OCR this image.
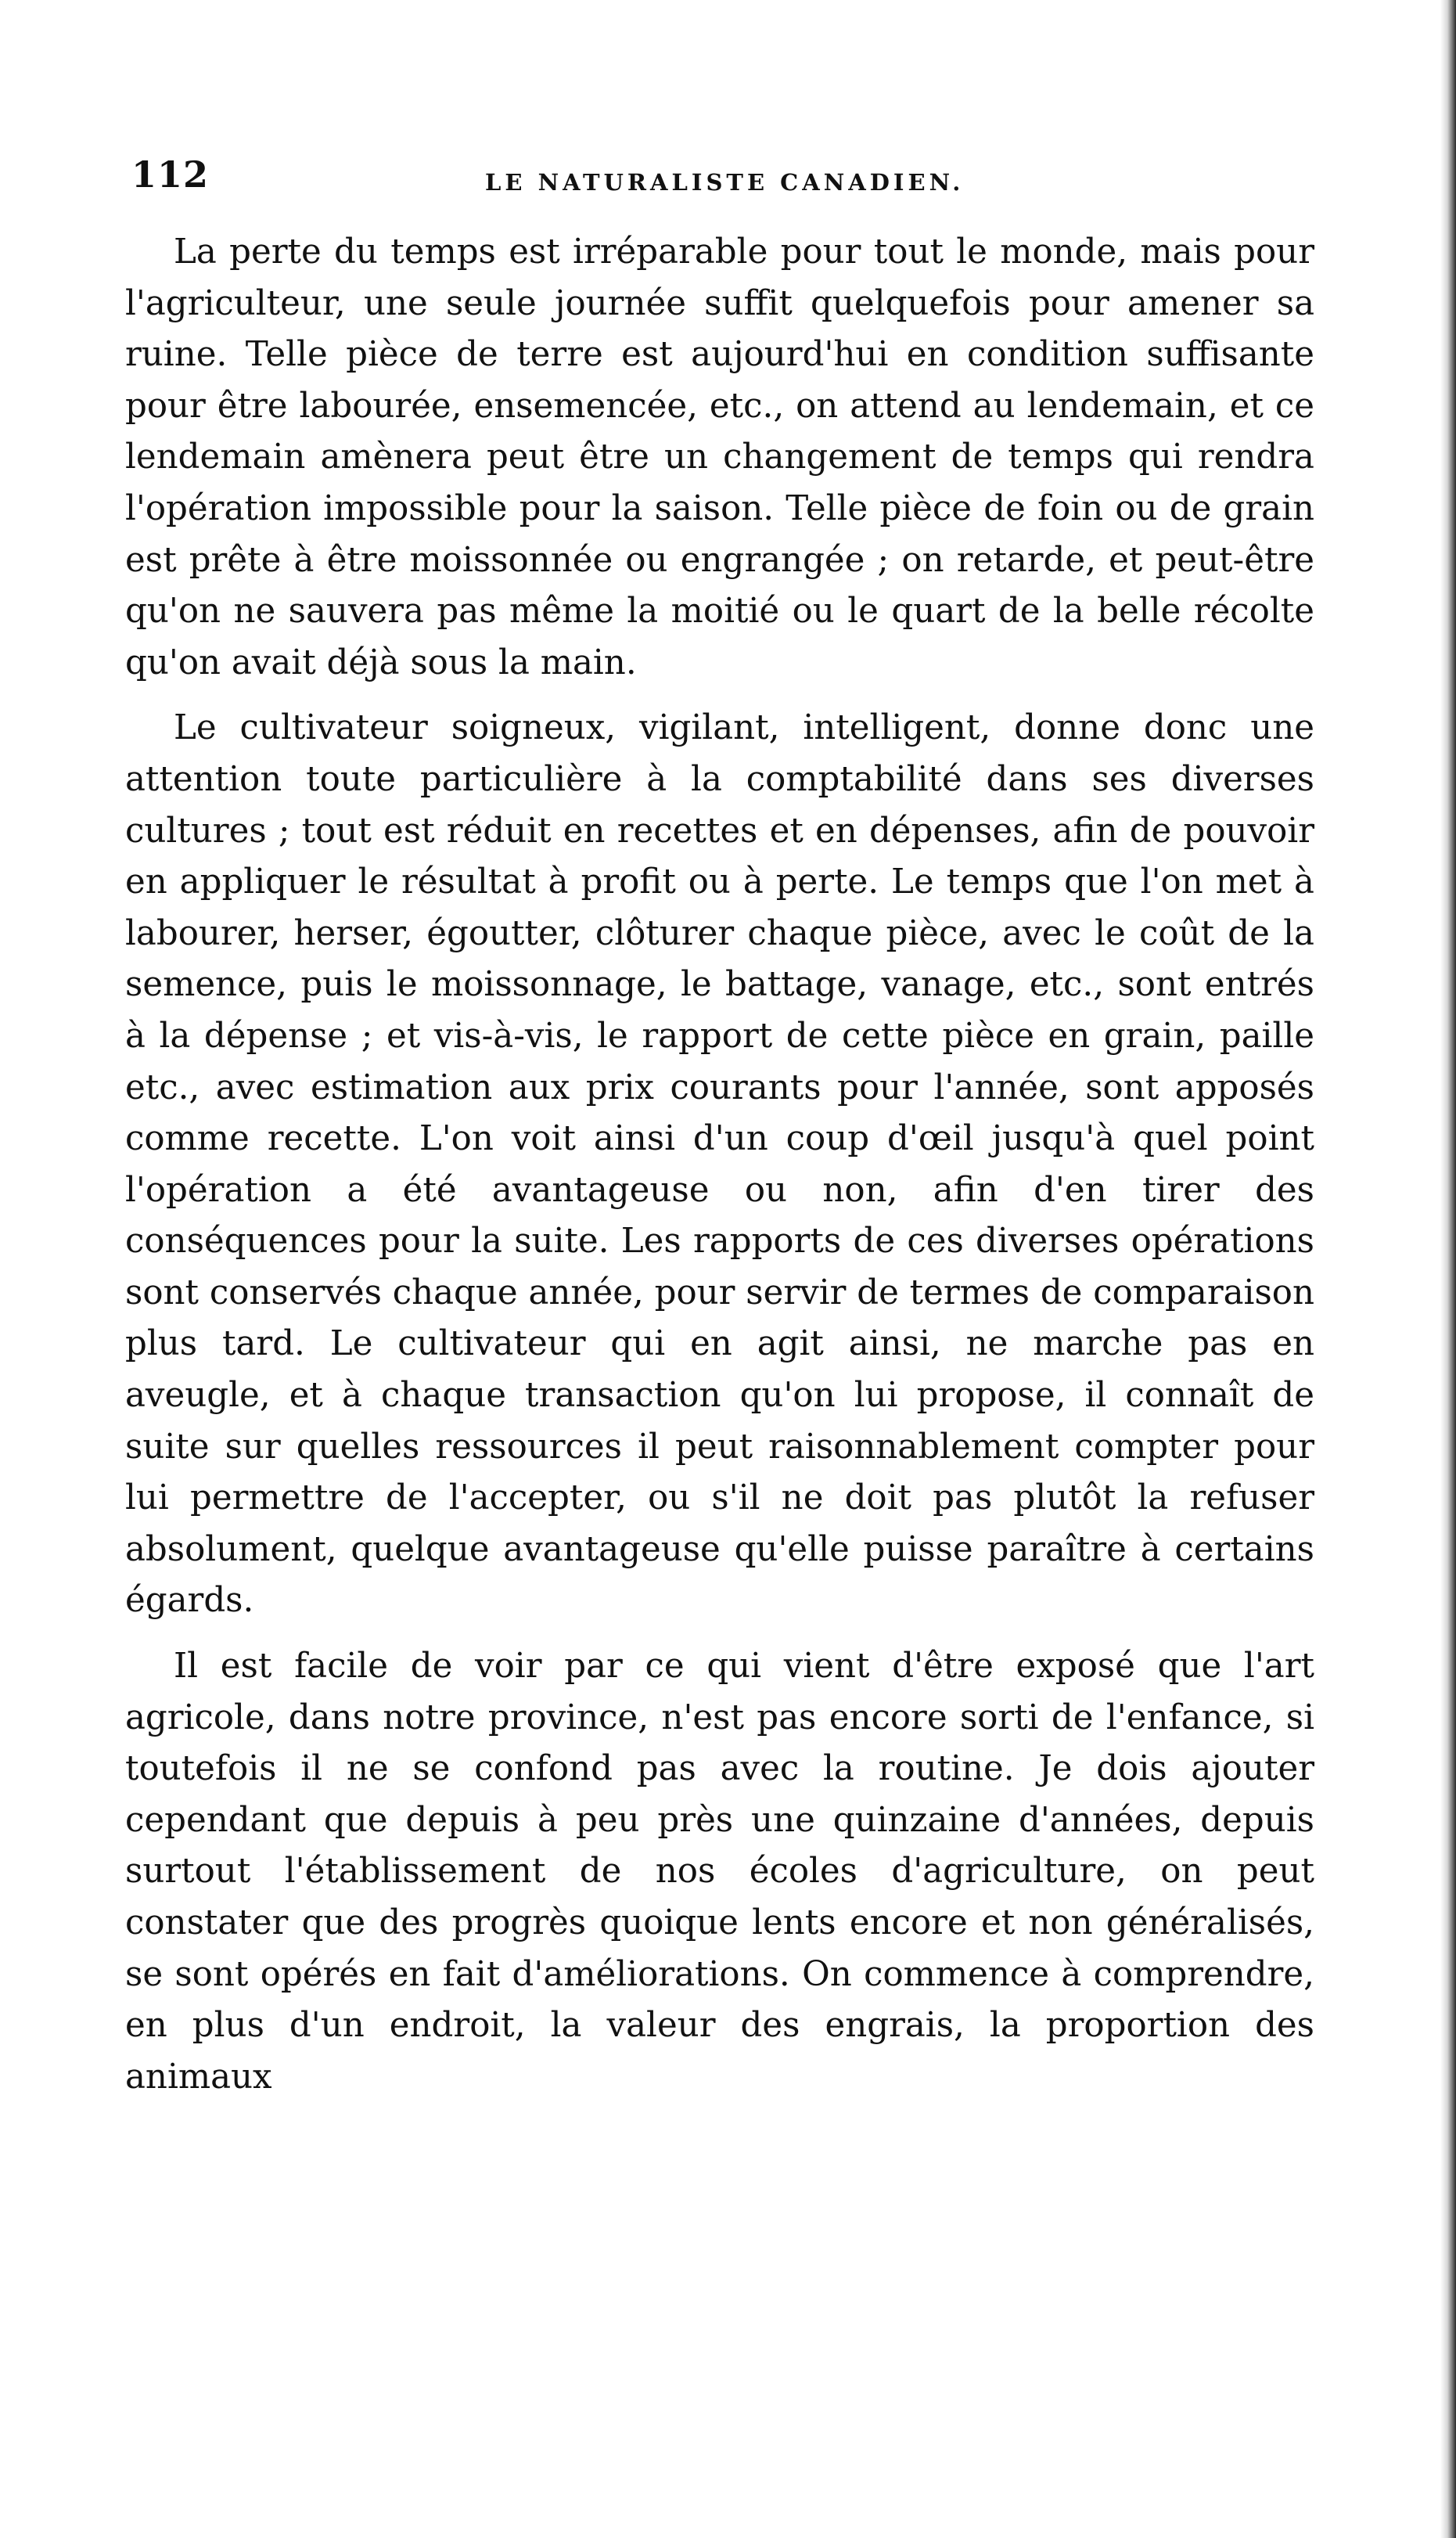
112	LE NATURALISTE CANADIEN.

La perte du temps est irréparable pour tout le monde, mais pour l'agriculteur, une seule journée suffit quelquefois pour amener sa ruine. Telle pièce de terre est aujourd'hui en condition suffisante pour être labourée, ensemencée, etc., on attend au lendemain, et ce lendemain amènera peut être un changement de temps qui rendra l'opération impossible pour la saison. Telle pièce de foin ou de grain est prête à être moissonnée ou engrangée ; on retarde, et peut-être qu'on ne sauvera pas même la moitié ou le quart de la belle récolte qu'on avait déjà sous la main.

Le cultivateur soigneux, vigilant, intelligent, donne donc une attention toute particulière à la comptabilité dans ses diverses cultures ; tout est réduit en recettes et en dépenses, afin de pouvoir en appliquer le résultat à profit ou à perte. Le temps que l'on met à labourer, herser, égoutter, clôturer chaque pièce, avec le coût de la semence, puis le moissonnage, le battage, vanage, etc., sont entrés à la dépense ; et vis-à-vis, le rapport de cette pièce en grain, paille etc., avec estimation aux prix courants pour l'année, sont apposés comme recette. L'on voit ainsi d'un coup d'œil jusqu'à quel point l'opération a été avantageuse ou non, afin d'en tirer des conséquences pour la suite. Les rapports de ces diverses opérations sont conservés chaque année, pour servir de termes de comparaison plus tard. Le cultivateur qui en agit ainsi, ne marche pas en aveugle, et à chaque transaction qu'on lui propose, il connaît de suite sur quelles ressources il peut raisonnablement compter pour lui permettre de l'accepter, ou s'il ne doit pas plutôt la refuser absolument, quelque avantageuse qu'elle puisse paraître à certains égards.

Il est facile de voir par ce qui vient d'être exposé que l'art agricole, dans notre province, n'est pas encore sorti de l'enfance, si toutefois il ne se confond pas avec la routine. Je dois ajouter cependant que depuis à peu près une quinzaine d'années, depuis surtout l'établissement de nos écoles d'agriculture, on peut constater que des progrès quoique lents encore et non généralisés, se sont opérés en fait d'améliorations. On commence à comprendre, en plus d'un endroit, la valeur des engrais, la proportion des animaux
